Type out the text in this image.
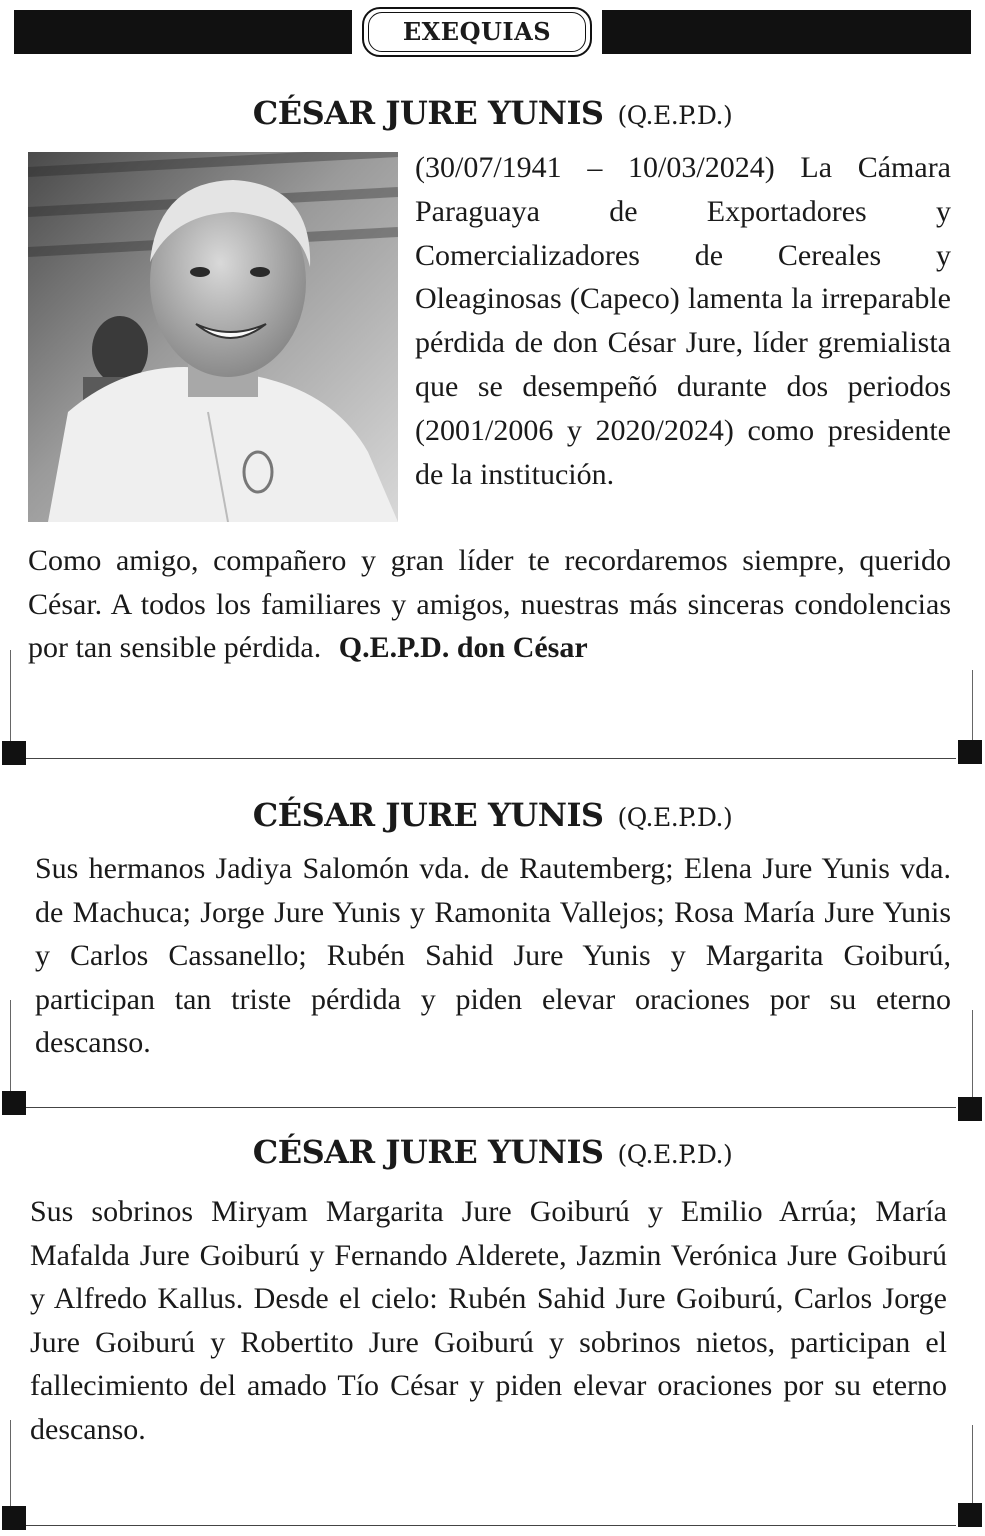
EXEQUIAS
CÉSAR JURE YUNIS (Q.E.P.D.)
(30/07/1941 – 10/03/2024) La Cámara Paraguaya de Exportadores y Comercializadores de Cereales y Oleaginosas (Capeco) lamenta la irreparable pérdida de don César Jure, líder gremialista que se desempeñó durante dos periodos (2001/2006 y 2020/2024) como presidente de la institución.
Como amigo, compañero y gran líder te recordaremos siempre, querido César. A todos los familiares y amigos, nuestras más sinceras condolencias por tan sensible pérdida. Q.E.P.D. don César
CÉSAR JURE YUNIS (Q.E.P.D.)
Sus hermanos Jadiya Salomón vda. de Rautemberg; Elena Jure Yunis vda. de Machuca; Jorge Jure Yunis y Ramonita Vallejos; Rosa María Jure Yunis y Carlos Cassanello; Rubén Sahid Jure Yunis y Margarita Goiburú, participan tan triste pérdida y piden elevar oraciones por su eterno descanso.
CÉSAR JURE YUNIS (Q.E.P.D.)
Sus sobrinos Miryam Margarita Jure Goiburú y Emilio Arrúa; María Mafalda Jure Goiburú y Fernando Alderete, Jazmin Verónica Jure Goiburú y Alfredo Kallus. Desde el cielo: Rubén Sahid Jure Goiburú, Carlos Jorge Jure Goiburú y Robertito Jure Goiburú y sobrinos nietos, participan el fallecimiento del amado Tío César y piden elevar oraciones por su eterno descanso.
